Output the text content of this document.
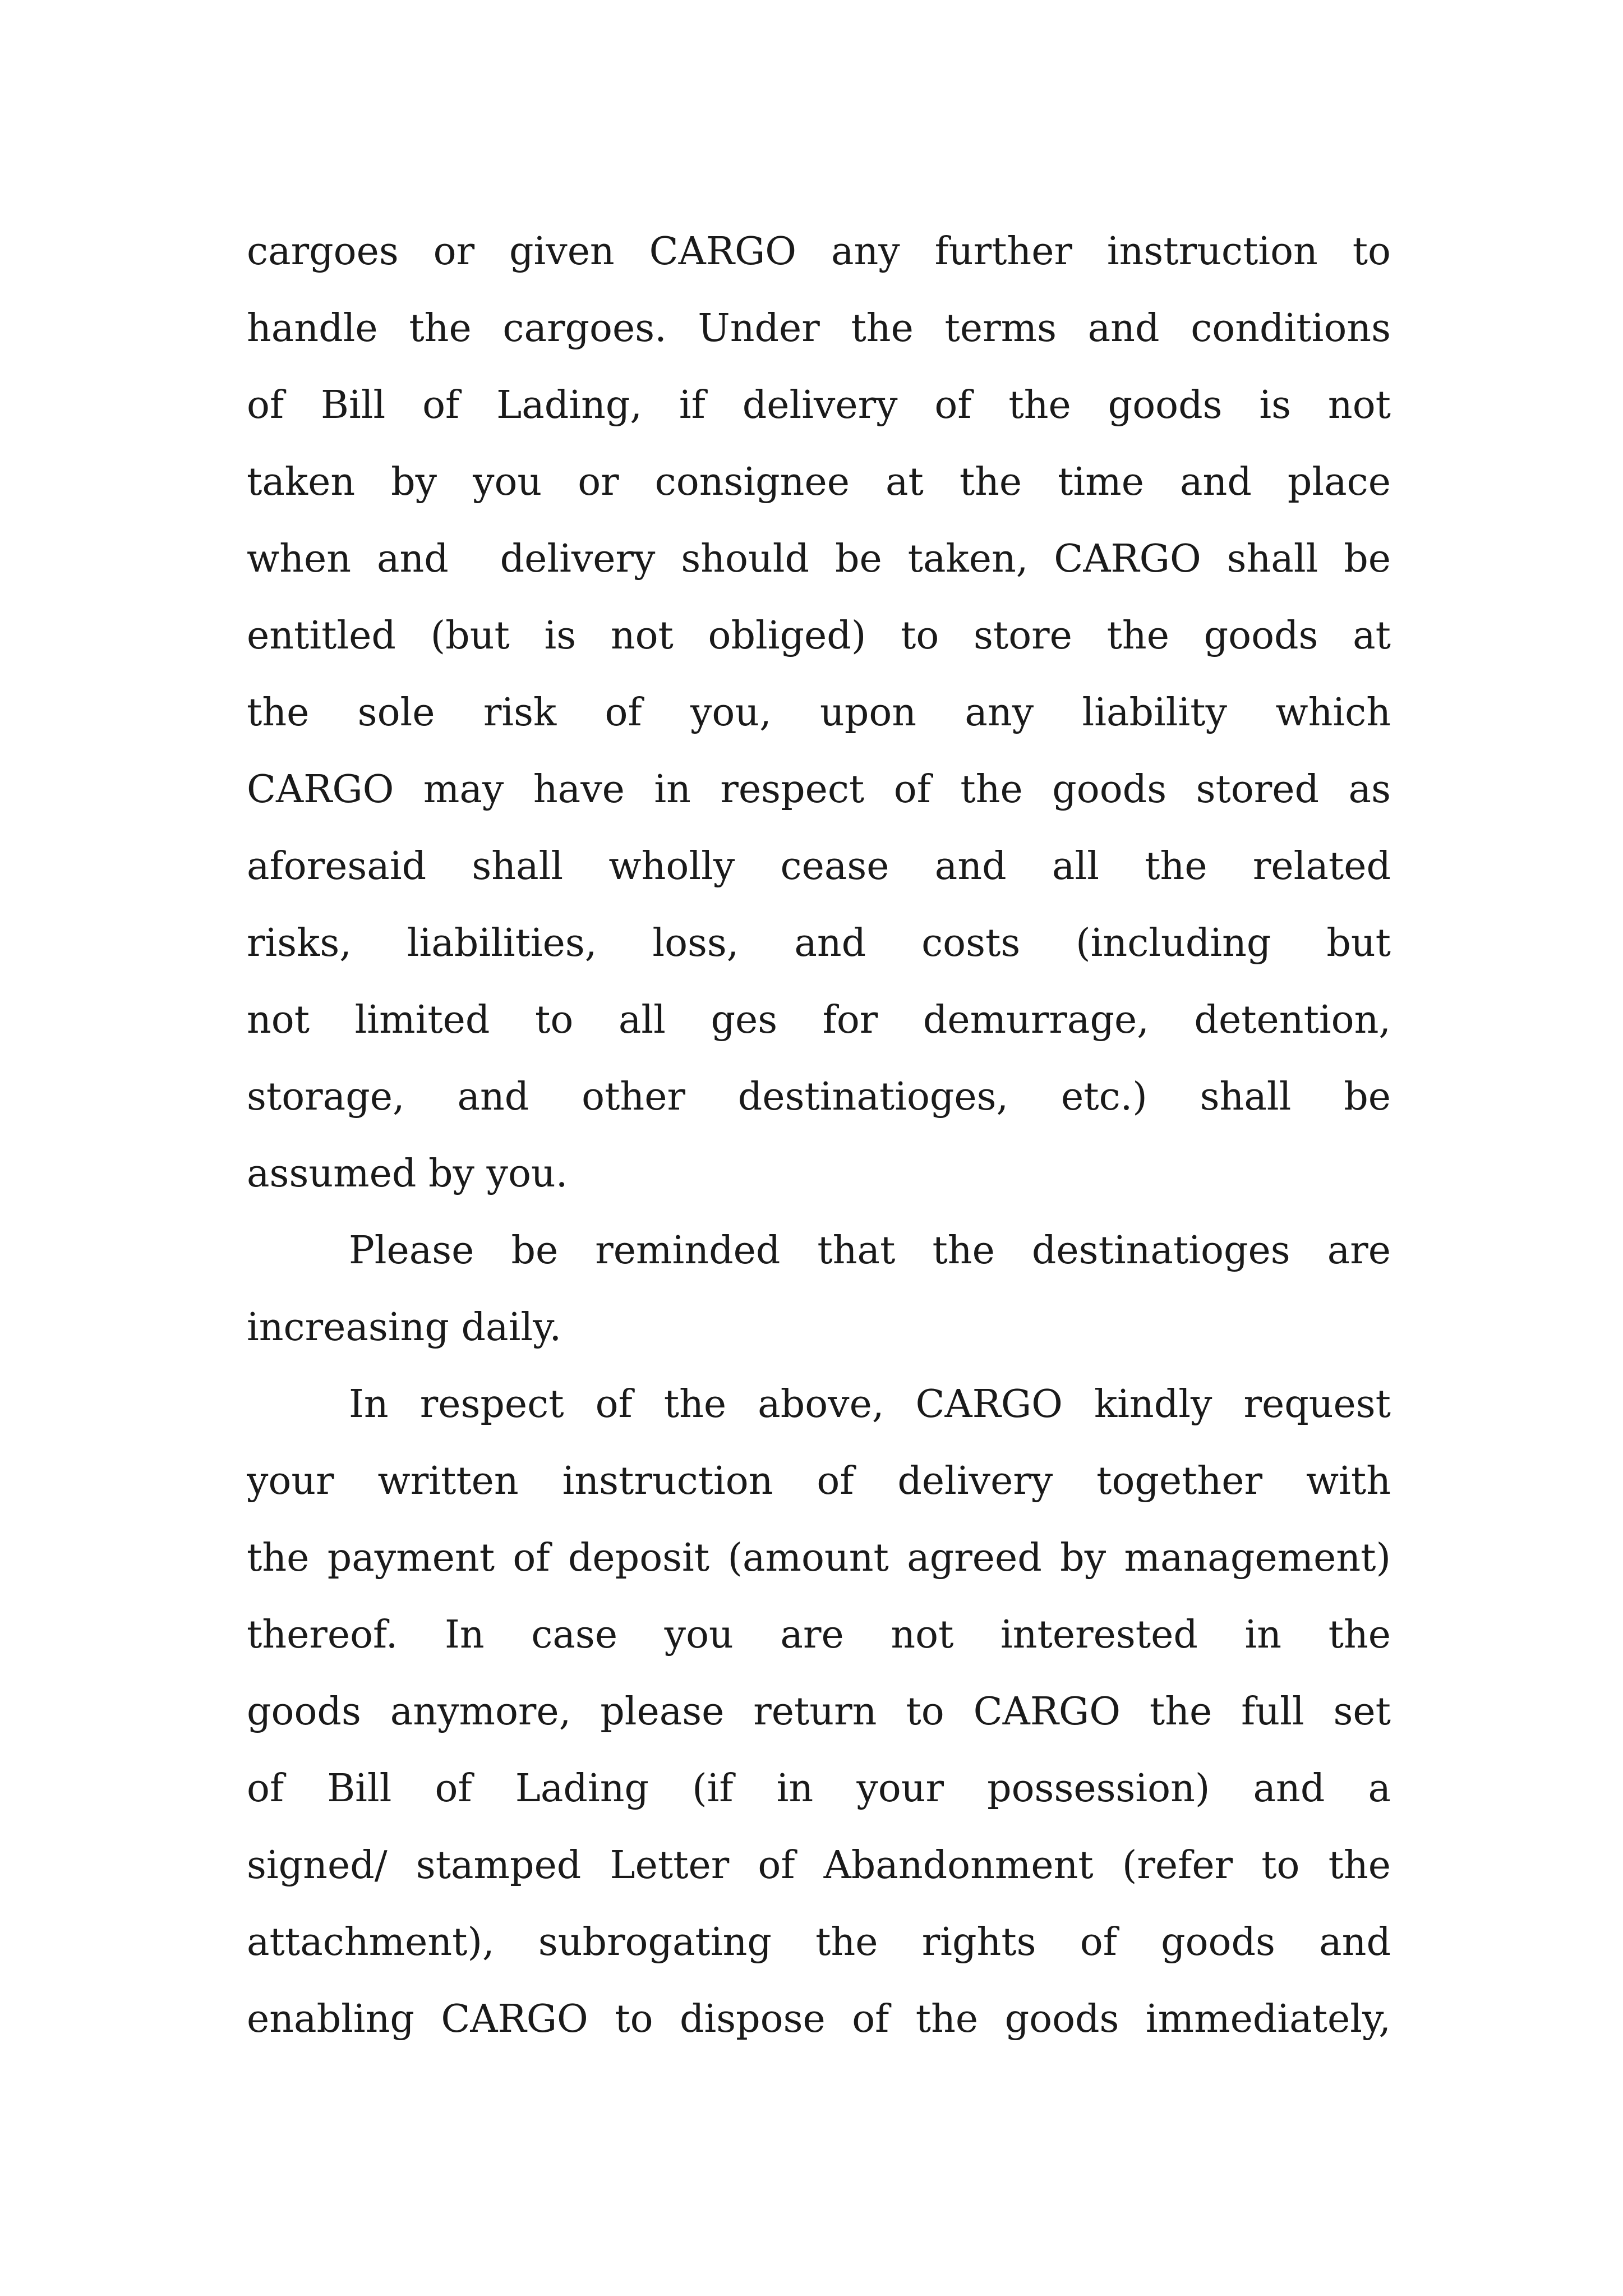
cargoes or given CARGO any further instruction to
handle the cargoes. Under the terms and conditions
of Bill of Lading, if delivery of the goods is not
taken by you or consignee at the time and place
when and  delivery should be taken, CARGO shall be
entitled (but is not obliged) to store the goods at
the sole risk of you, upon any liability which
CARGO may have in respect of the goods stored as
aforesaid shall wholly cease and all the related
risks, liabilities, loss, and costs (including but
not limited to all ges for demurrage, detention,
storage, and other destinatioges, etc.) shall be
assumed by you.
Please be reminded that the destinatioges are
increasing daily.
In respect of the above, CARGO kindly request
your written instruction of delivery together with
the payment of deposit (amount agreed by management)
thereof. In case you are not interested in the
goods anymore, please return to CARGO the full set
of Bill of Lading (if in your possession) and a
signed/ stamped Letter of Abandonment (refer to the
attachment), subrogating the rights of goods and
enabling CARGO to dispose of the goods immediately,
